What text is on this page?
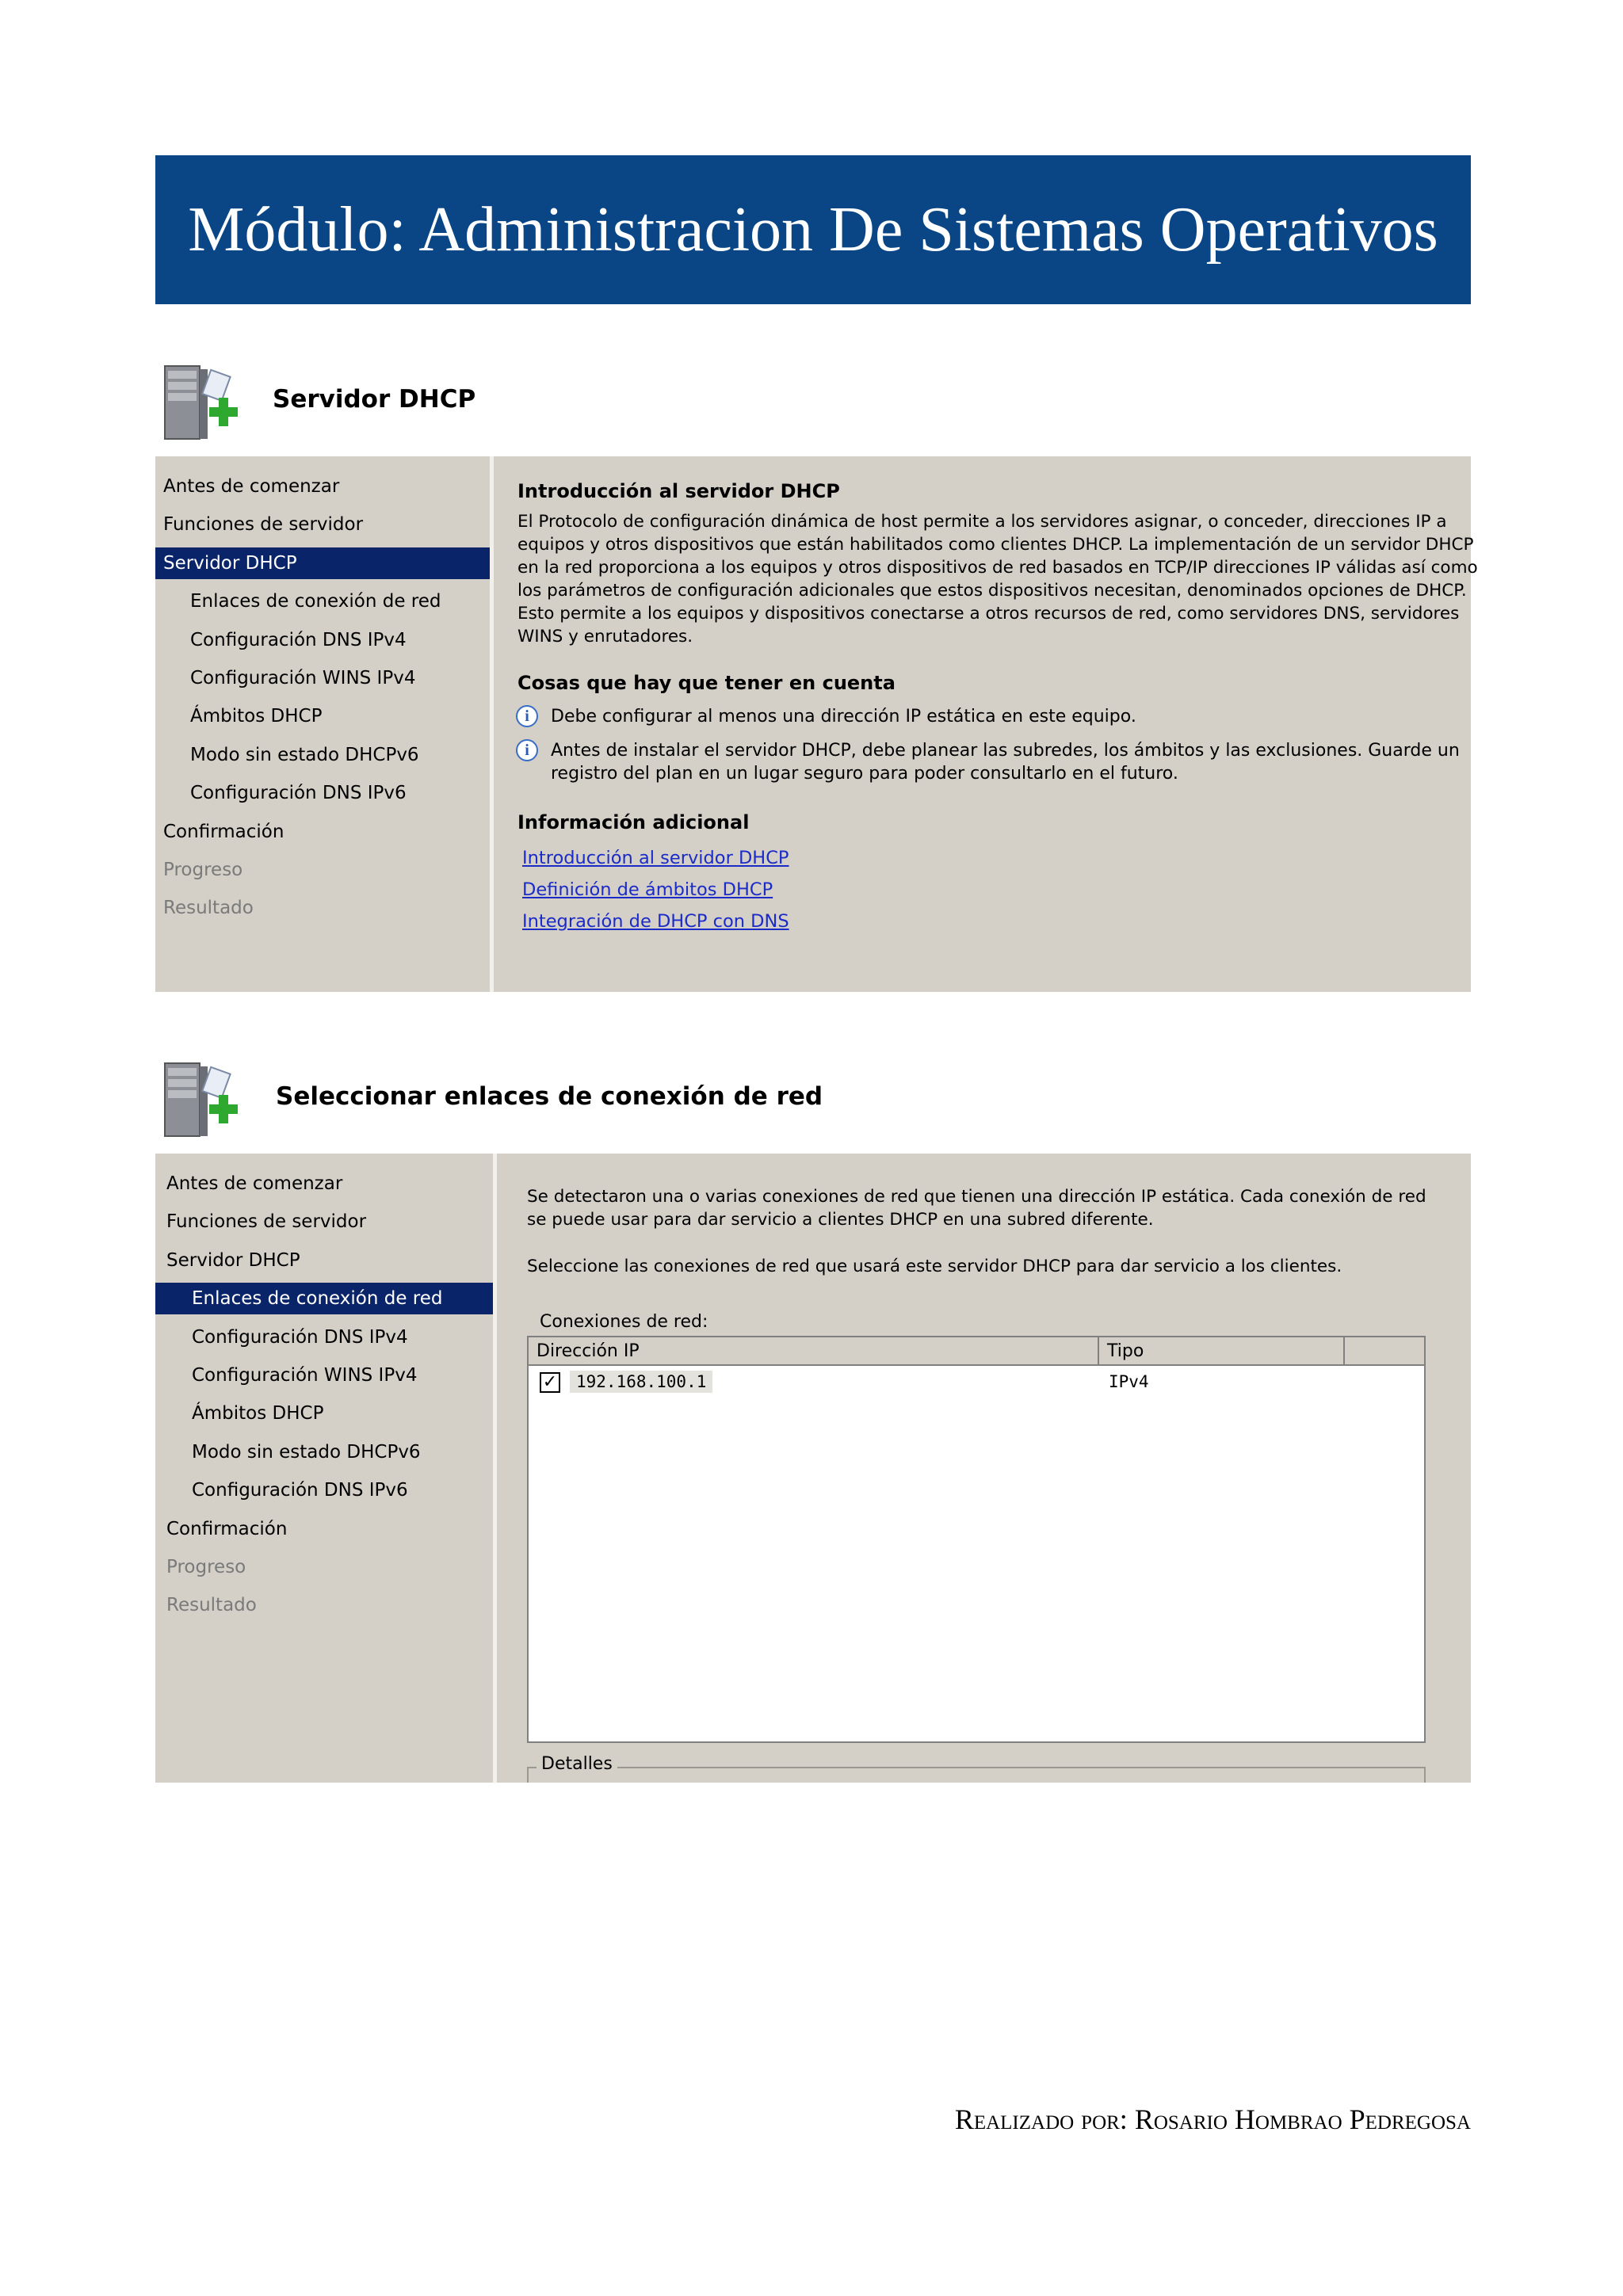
Módulo: Administracion De Sistemas Operativos
Servidor DHCP
Antes de comenzar
Funciones de servidor
Servidor DHCP
Enlaces de conexión de red
Configuración DNS IPv4
Configuración WINS IPv4
Ámbitos DHCP
Modo sin estado DHCPv6
Configuración DNS IPv6
Confirmación
Progreso
Resultado
Introducción al servidor DHCP
El Protocolo de configuración dinámica de host permite a los servidores asignar, o conceder, direcciones IP a
equipos y otros dispositivos que están habilitados como clientes DHCP. La implementación de un servidor DHCP
en la red proporciona a los equipos y otros dispositivos de red basados en TCP/IP direcciones IP válidas así como
los parámetros de configuración adicionales que estos dispositivos necesitan, denominados opciones de DHCP.
Esto permite a los equipos y dispositivos conectarse a otros recursos de red, como servidores DNS, servidores
WINS y enrutadores.
Cosas que hay que tener en cuenta
i	Debe configurar al menos una dirección IP estática en este equipo.
i	Antes de instalar el servidor DHCP, debe planear las subredes, los ámbitos y las exclusiones. Guarde un
registro del plan en un lugar seguro para poder consultarlo en el futuro.
Información adicional
Introducción al servidor DHCP
Definición de ámbitos DHCP
Integración de DHCP con DNS
Seleccionar enlaces de conexión de red
Antes de comenzar
Funciones de servidor
Servidor DHCP
Enlaces de conexión de red
Configuración DNS IPv4
Configuración WINS IPv4
Ámbitos DHCP
Modo sin estado DHCPv6
Configuración DNS IPv6
Confirmación
Progreso
Resultado
Se detectaron una o varias conexiones de red que tienen una dirección IP estática. Cada conexión de red
se puede usar para dar servicio a clientes DHCP en una subred diferente.
Seleccione las conexiones de red que usará este servidor DHCP para dar servicio a los clientes.
Conexiones de red:
Dirección IP	Tipo
✓	192.168.100.1	IPv4
Detalles
Realizado por: Rosario Hombrao Pedregosa
